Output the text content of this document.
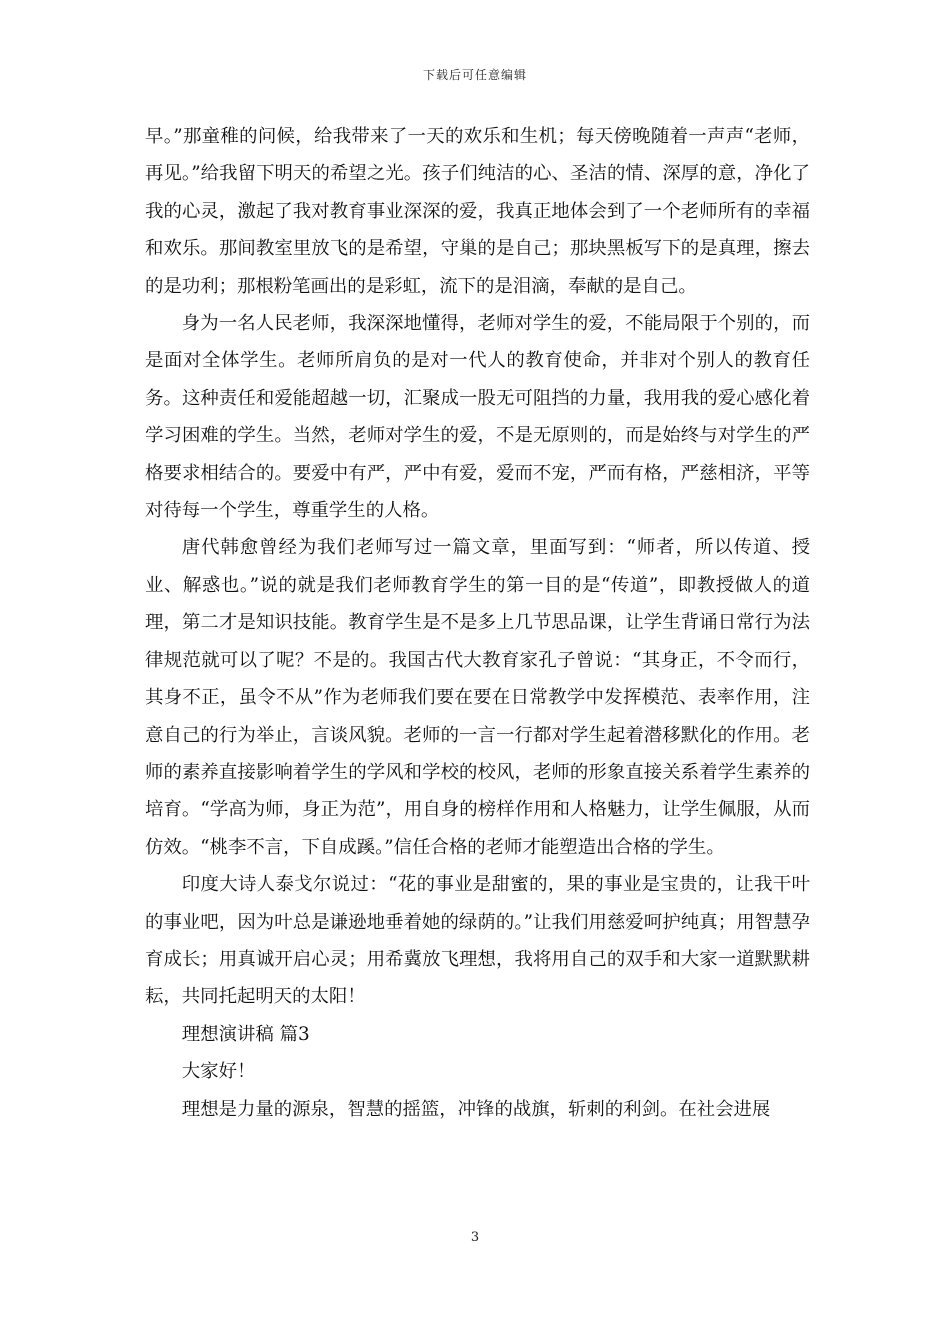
下载后可任意编辑

早。”那童稚的问候，给我带来了一天的欢乐和生机；每天傍晚随着一声声“老师，再见。”给我留下明天的希望之光。孩子们纯洁的心、圣洁的情、深厚的意，净化了我的心灵，激起了我对教育事业深深的爱，我真正地体会到了一个老师所有的幸福和欢乐。那间教室里放飞的是希望，守巢的是自己；那块黑板写下的是真理，擦去的是功利；那根粉笔画出的是彩虹，流下的是泪滴，奉献的是自己。

身为一名人民老师，我深深地懂得，老师对学生的爱，不能局限于个别的，而是面对全体学生。老师所肩负的是对一代人的教育使命，并非对个别人的教育任务。这种责任和爱能超越一切，汇聚成一股无可阻挡的力量，我用我的爱心感化着学习困难的学生。当然，老师对学生的爱，不是无原则的，而是始终与对学生的严格要求相结合的。要爱中有严，严中有爱，爱而不宠，严而有格，严慈相济，平等对待每一个学生，尊重学生的人格。

唐代韩愈曾经为我们老师写过一篇文章，里面写到：“师者，所以传道、授业、解惑也。”说的就是我们老师教育学生的第一目的是“传道”，即教授做人的道理，第二才是知识技能。教育学生是不是多上几节思品课，让学生背诵日常行为法律规范就可以了呢？不是的。我国古代大教育家孔子曾说：“其身正，不令而行，其身不正，虽令不从”作为老师我们要在要在日常教学中发挥模范、表率作用，注意自己的行为举止，言谈风貌。老师的一言一行都对学生起着潜移默化的作用。老师的素养直接影响着学生的学风和学校的校风，老师的形象直接关系着学生素养的培育。“学高为师，身正为范”，用自身的榜样作用和人格魅力，让学生佩服，从而仿效。“桃李不言，下自成蹊。”信任合格的老师才能塑造出合格的学生。

印度大诗人泰戈尔说过：“花的事业是甜蜜的，果的事业是宝贵的，让我干叶的事业吧，因为叶总是谦逊地垂着她的绿荫的。”让我们用慈爱呵护纯真；用智慧孕育成长；用真诚开启心灵；用希冀放飞理想，我将用自己的双手和大家一道默默耕耘，共同托起明天的太阳！

理想演讲稿 篇3

大家好！

理想是力量的源泉，智慧的摇篮，冲锋的战旗，斩刺的利剑。在社会进展

3
